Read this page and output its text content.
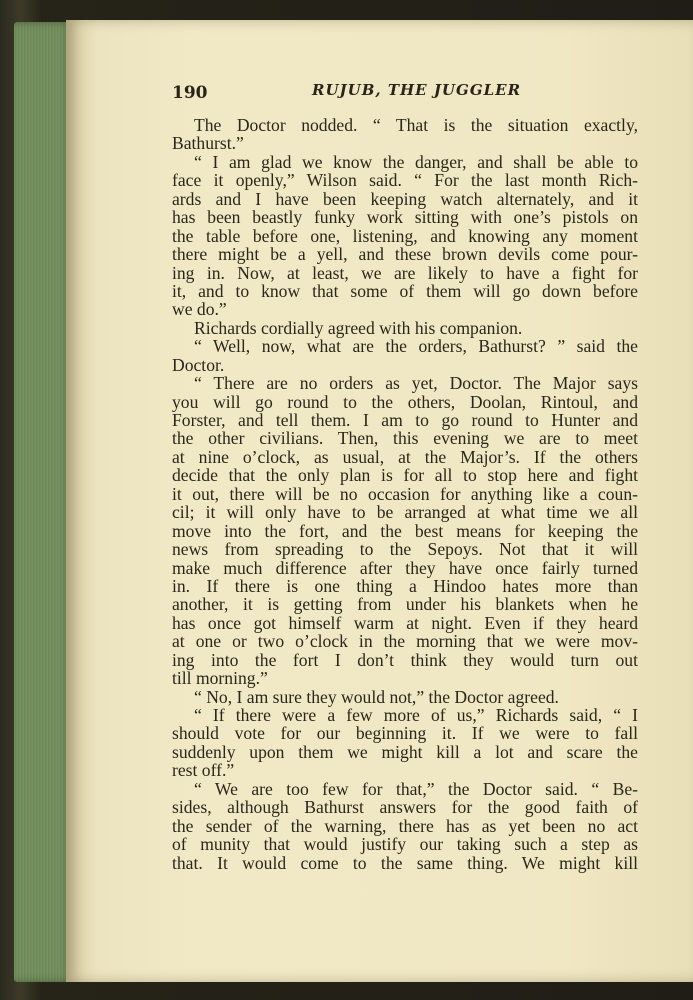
190	RUJUB, THE JUGGLER
The Doctor nodded. “ That is the situation exactly,
Bathurst.”
“ I am glad we know the danger, and shall be able to
face it openly,” Wilson said. “ For the last month Rich-
ards and I have been keeping watch alternately, and it
has been beastly funky work sitting with one’s pistols on
the table before one, listening, and knowing any moment
there might be a yell, and these brown devils come pour-
ing in. Now, at least, we are likely to have a fight for
it, and to know that some of them will go down before
we do.”
Richards cordially agreed with his companion.
“ Well, now, what are the orders, Bathurst? ” said the
Doctor.
“ There are no orders as yet, Doctor. The Major says
you will go round to the others, Doolan, Rintoul, and
Forster, and tell them. I am to go round to Hunter and
the other civilians. Then, this evening we are to meet
at nine o’clock, as usual, at the Major’s. If the others
decide that the only plan is for all to stop here and fight
it out, there will be no occasion for anything like a coun-
cil; it will only have to be arranged at what time we all
move into the fort, and the best means for keeping the
news from spreading to the Sepoys. Not that it will
make much difference after they have once fairly turned
in. If there is one thing a Hindoo hates more than
another, it is getting from under his blankets when he
has once got himself warm at night. Even if they heard
at one or two o’clock in the morning that we were mov-
ing into the fort I don’t think they would turn out
till morning.”
“ No, I am sure they would not,” the Doctor agreed.
“ If there were a few more of us,” Richards said, “ I
should vote for our beginning it. If we were to fall
suddenly upon them we might kill a lot and scare the
rest off.”
“ We are too few for that,” the Doctor said. “ Be-
sides, although Bathurst answers for the good faith of
the sender of the warning, there has as yet been no act
of munity that would justify our taking such a step as
that. It would come to the same thing. We might kill
